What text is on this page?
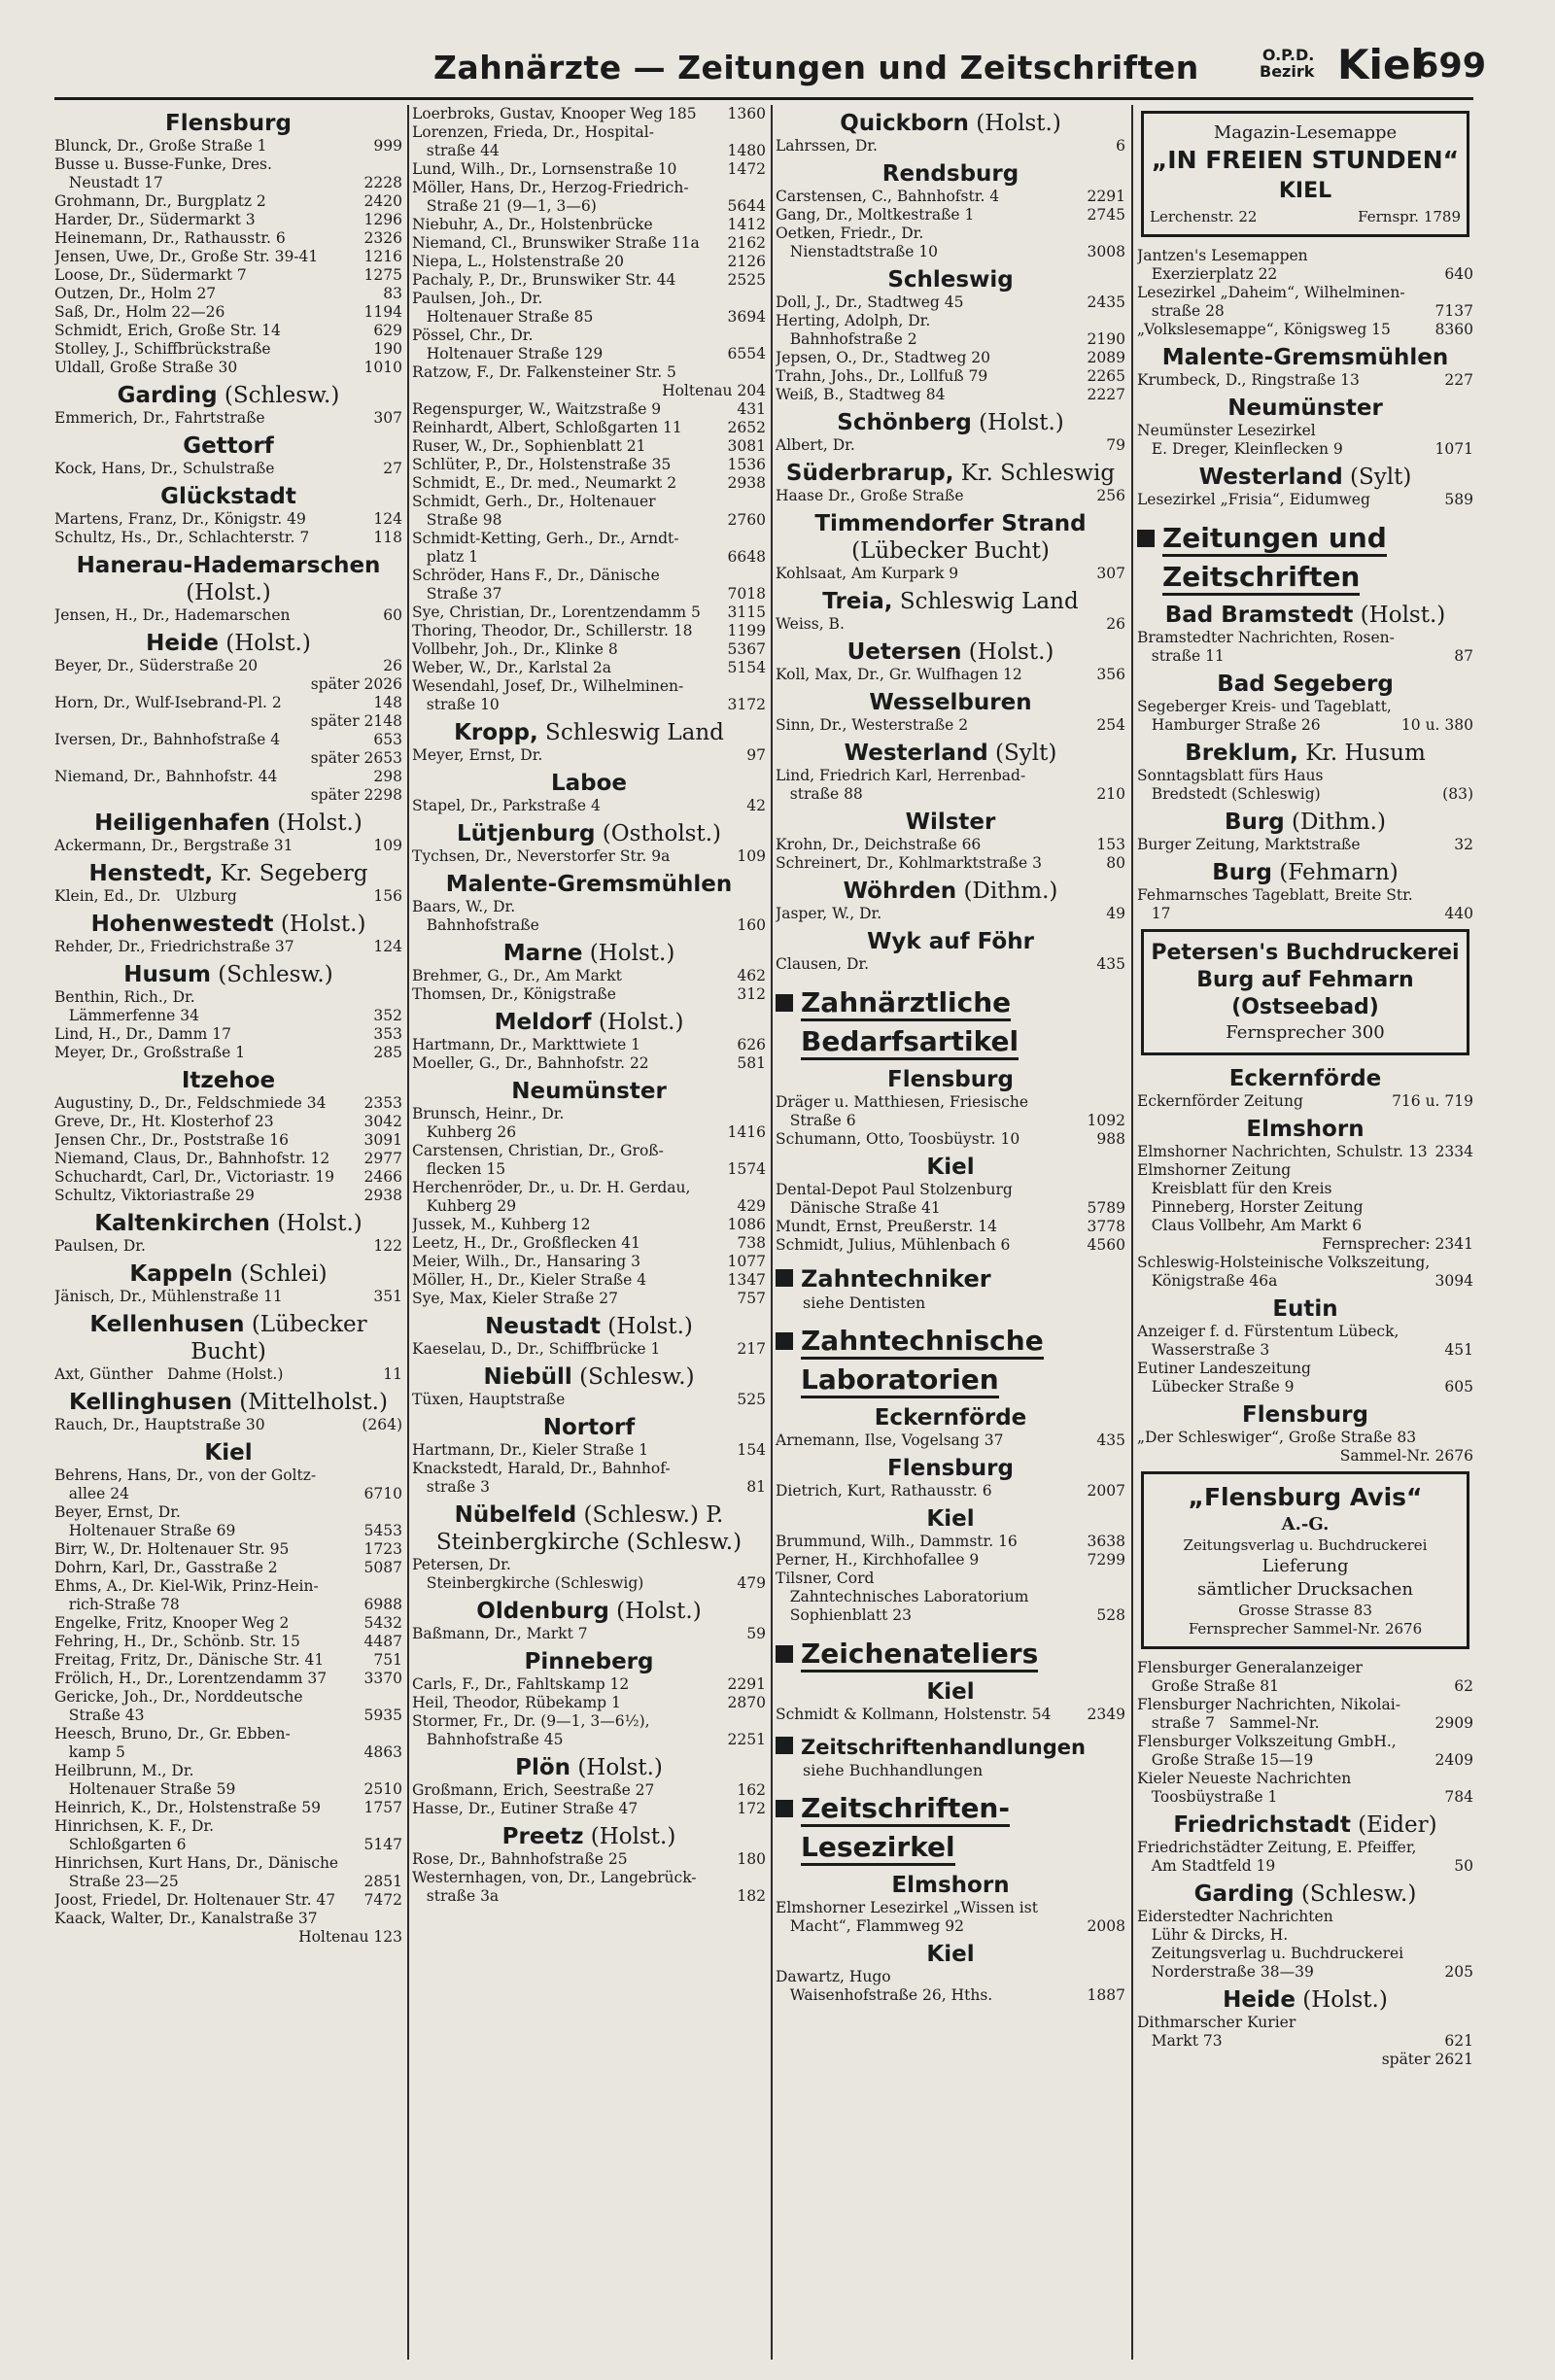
Zahnärzte — Zeitungen und Zeitschriften	O.P.D.
Bezirk Kiel
699
Flensburg
Blunck, Dr., Große Straße 1	999
Busse u. Busse-Funke, Dres.
Neustadt 17	2228
Grohmann, Dr., Burgplatz 2	2420
Harder, Dr., Südermarkt 3	1296
Heinemann, Dr., Rathausstr. 6	2326
Jensen, Uwe, Dr., Große Str. 39-41	1216
Loose, Dr., Südermarkt 7	1275
Outzen, Dr., Holm 27	83
Saß, Dr., Holm 22—26	1194
Schmidt, Erich, Große Str. 14	629
Stolley, J., Schiffbrückstraße	190
Uldall, Große Straße 30	1010
Garding (Schlesw.)
Emmerich, Dr., Fahrtstraße	307
Gettorf
Kock, Hans, Dr., Schulstraße	27
Glückstadt
Martens, Franz, Dr., Königstr. 49	124
Schultz, Hs., Dr., Schlachterstr. 7	118
Hanerau-Hademarschen (Holst.)
Jensen, H., Dr., Hademarschen	60
Heide (Holst.)
Beyer, Dr., Süderstraße 20	26
später 2026
Horn, Dr., Wulf-Isebrand-Pl. 2	148
später 2148
Iversen, Dr., Bahnhofstraße 4	653
später 2653
Niemand, Dr., Bahnhofstr. 44	298
später 2298
Heiligenhafen (Holst.)
Ackermann, Dr., Bergstraße 31	109
Henstedt, Kr. Segeberg
Klein, Ed., Dr.   Ulzburg	156
Hohenwestedt (Holst.)
Rehder, Dr., Friedrichstraße 37	124
Husum (Schlesw.)
Benthin, Rich., Dr.
Lämmerfenne 34	352
Lind, H., Dr., Damm 17	353
Meyer, Dr., Großstraße 1	285
Itzehoe
Augustiny, D., Dr., Feldschmiede 34	2353
Greve, Dr., Ht. Klosterhof 23	3042
Jensen Chr., Dr., Poststraße 16	3091
Niemand, Claus, Dr., Bahnhofstr. 12	2977
Schuchardt, Carl, Dr., Victoriastr. 19	2466
Schultz, Viktoriastraße 29	2938
Kaltenkirchen (Holst.)
Paulsen, Dr.	122
Kappeln (Schlei)
Jänisch, Dr., Mühlenstraße 11	351
Kellenhusen (Lübecker Bucht)
Axt, Günther   Dahme (Holst.)	11
Kellinghusen (Mittelholst.)
Rauch, Dr., Hauptstraße 30	(264)
Kiel
Behrens, Hans, Dr., von der Goltz-
allee 24	6710
Beyer, Ernst, Dr.
Holtenauer Straße 69	5453
Birr, W., Dr. Holtenauer Str. 95	1723
Dohrn, Karl, Dr., Gasstraße 2	5087
Ehms, A., Dr. Kiel-Wik, Prinz-Hein-
rich-Straße 78	6988
Engelke, Fritz, Knooper Weg 2	5432
Fehring, H., Dr., Schönb. Str. 15	4487
Freitag, Fritz, Dr., Dänische Str. 41	751
Frölich, H., Dr., Lorentzendamm 37	3370
Gericke, Joh., Dr., Norddeutsche
Straße 43	5935
Heesch, Bruno, Dr., Gr. Ebben-
kamp 5	4863
Heilbrunn, M., Dr.
Holtenauer Straße 59	2510
Heinrich, K., Dr., Holstenstraße 59	1757
Hinrichsen, K. F., Dr.
Schloßgarten 6	5147
Hinrichsen, Kurt Hans, Dr., Dänische
Straße 23—25	2851
Joost, Friedel, Dr. Holtenauer Str. 47	7472
Kaack, Walter, Dr., Kanalstraße 37
Holtenau 123
Loerbroks, Gustav, Knooper Weg 185	1360
Lorenzen, Frieda, Dr., Hospital-
straße 44	1480
Lund, Wilh., Dr., Lornsenstraße 10	1472
Möller, Hans, Dr., Herzog-Friedrich-
Straße 21 (9—1, 3—6)	5644
Niebuhr, A., Dr., Holstenbrücke	1412
Niemand, Cl., Brunswiker Straße 11a	2162
Niepa, L., Holstenstraße 20	2126
Pachaly, P., Dr., Brunswiker Str. 44	2525
Paulsen, Joh., Dr.
Holtenauer Straße 85	3694
Pössel, Chr., Dr.
Holtenauer Straße 129	6554
Ratzow, F., Dr. Falkensteiner Str. 5
Holtenau 204
Regenspurger, W., Waitzstraße 9	431
Reinhardt, Albert, Schloßgarten 11	2652
Ruser, W., Dr., Sophienblatt 21	3081
Schlüter, P., Dr., Holstenstraße 35	1536
Schmidt, E., Dr. med., Neumarkt 2	2938
Schmidt, Gerh., Dr., Holtenauer
Straße 98	2760
Schmidt-Ketting, Gerh., Dr., Arndt-
platz 1	6648
Schröder, Hans F., Dr., Dänische
Straße 37	7018
Sye, Christian, Dr., Lorentzendamm 5	3115
Thoring, Theodor, Dr., Schillerstr. 18	1199
Vollbehr, Joh., Dr., Klinke 8	5367
Weber, W., Dr., Karlstal 2a	5154
Wesendahl, Josef, Dr., Wilhelminen-
straße 10	3172
Kropp, Schleswig Land
Meyer, Ernst, Dr.	97
Laboe
Stapel, Dr., Parkstraße 4	42
Lütjenburg (Ostholst.)
Tychsen, Dr., Neverstorfer Str. 9a	109
Malente-Gremsmühlen
Baars, W., Dr.
Bahnhofstraße	160
Marne (Holst.)
Brehmer, G., Dr., Am Markt	462
Thomsen, Dr., Königstraße	312
Meldorf (Holst.)
Hartmann, Dr., Markttwiete 1	626
Moeller, G., Dr., Bahnhofstr. 22	581
Neumünster
Brunsch, Heinr., Dr.
Kuhberg 26	1416
Carstensen, Christian, Dr., Groß-
flecken 15	1574
Herchenröder, Dr., u. Dr. H. Gerdau,
Kuhberg 29	429
Jussek, M., Kuhberg 12	1086
Leetz, H., Dr., Großflecken 41	738
Meier, Wilh., Dr., Hansaring 3	1077
Möller, H., Dr., Kieler Straße 4	1347
Sye, Max, Kieler Straße 27	757
Neustadt (Holst.)
Kaeselau, D., Dr., Schiffbrücke 1	217
Niebüll (Schlesw.)
Tüxen, Hauptstraße	525
Nortorf
Hartmann, Dr., Kieler Straße 1	154
Knackstedt, Harald, Dr., Bahnhof-
straße 3	81
Nübelfeld (Schlesw.) P. Steinbergkirche (Schlesw.)
Petersen, Dr.
Steinbergkirche (Schleswig)	479
Oldenburg (Holst.)
Baßmann, Dr., Markt 7	59
Pinneberg
Carls, F., Dr., Fahltskamp 12	2291
Heil, Theodor, Rübekamp 1	2870
Stormer, Fr., Dr. (9—1, 3—6½),
Bahnhofstraße 45	2251
Plön (Holst.)
Großmann, Erich, Seestraße 27	162
Hasse, Dr., Eutiner Straße 47	172
Preetz (Holst.)
Rose, Dr., Bahnhofstraße 25	180
Westernhagen, von, Dr., Langebrück-
straße 3a	182
Quickborn (Holst.)
Lahrssen, Dr.	6
Rendsburg
Carstensen, C., Bahnhofstr. 4	2291
Gang, Dr., Moltkestraße 1	2745
Oetken, Friedr., Dr.
Nienstadtstraße 10	3008
Schleswig
Doll, J., Dr., Stadtweg 45	2435
Herting, Adolph, Dr.
Bahnhofstraße 2	2190
Jepsen, O., Dr., Stadtweg 20	2089
Trahn, Johs., Dr., Lollfuß 79	2265
Weiß, B., Stadtweg 84	2227
Schönberg (Holst.)
Albert, Dr.	79
Süderbrarup, Kr. Schleswig
Haase Dr., Große Straße	256
Timmendorfer Strand (Lübecker Bucht)
Kohlsaat, Am Kurpark 9	307
Treia, Schleswig Land
Weiss, B.	26
Uetersen (Holst.)
Koll, Max, Dr., Gr. Wulfhagen 12	356
Wesselburen
Sinn, Dr., Westerstraße 2	254
Westerland (Sylt)
Lind, Friedrich Karl, Herrenbad-
straße 88	210
Wilster
Krohn, Dr., Deichstraße 66	153
Schreinert, Dr., Kohlmarktstraße 3	80
Wöhrden (Dithm.)
Jasper, W., Dr.	49
Wyk auf Föhr
Clausen, Dr.	435
Zahnärztliche
Bedarfsartikel
Flensburg
Dräger u. Matthiesen, Friesische
Straße 6	1092
Schumann, Otto, Toosbüystr. 10	988
Kiel
Dental-Depot Paul Stolzenburg
Dänische Straße 41	5789
Mundt, Ernst, Preußerstr. 14	3778
Schmidt, Julius, Mühlenbach 6	4560
Zahntechniker
siehe Dentisten
Zahntechnische
Laboratorien
Eckernförde
Arnemann, Ilse, Vogelsang 37	435
Flensburg
Dietrich, Kurt, Rathausstr. 6	2007
Kiel
Brummund, Wilh., Dammstr. 16	3638
Perner, H., Kirchhofallee 9	7299
Tilsner, Cord
Zahntechnisches Laboratorium
Sophienblatt 23	528
Zeichenateliers
Kiel
Schmidt & Kollmann, Holstenstr. 54	2349
Zeitschriftenhandlungen
siehe Buchhandlungen
Zeitschriften-
Lesezirkel
Elmshorn
Elmshorner Lesezirkel „Wissen ist
Macht“, Flammweg 92	2008
Kiel
Dawartz, Hugo
Waisenhofstraße 26, Hths.	1887
Magazin-Lesemappe
„IN FREIEN STUNDEN“
KIEL
Lerchenstr. 22	Fernspr. 1789
Jantzen's Lesemappen
Exerzierplatz 22	640
Lesezirkel „Daheim“, Wilhelminen-
straße 28	7137
„Volkslesemappe“, Königsweg 15	8360
Malente-Gremsmühlen
Krumbeck, D., Ringstraße 13	227
Neumünster
Neumünster Lesezirkel
E. Dreger, Kleinflecken 9	1071
Westerland (Sylt)
Lesezirkel „Frisia“, Eidumweg	589
Zeitungen und
Zeitschriften
Bad Bramstedt (Holst.)
Bramstedter Nachrichten, Rosen-
straße 11	87
Bad Segeberg
Segeberger Kreis- und Tageblatt,
Hamburger Straße 26	10 u. 380
Breklum, Kr. Husum
Sonntagsblatt fürs Haus
Bredstedt (Schleswig)	(83)
Burg (Dithm.)
Burger Zeitung, Marktstraße	32
Burg (Fehmarn)
Fehmarnsches Tageblatt, Breite Str.
17	440
Petersen's Buchdruckerei
Burg auf Fehmarn
(Ostseebad)
Fernsprecher 300
Eckernförde
Eckernförder Zeitung	716 u. 719
Elmshorn
Elmshorner Nachrichten, Schulstr. 13 2334
Elmshorner Zeitung
Kreisblatt für den Kreis
Pinneberg, Horster Zeitung
Claus Vollbehr, Am Markt 6
Fernsprecher: 2341
Schleswig-Holsteinische Volkszeitung,
Königstraße 46a	3094
Eutin
Anzeiger f. d. Fürstentum Lübeck,
Wasserstraße 3	451
Eutiner Landeszeitung
Lübecker Straße 9	605
Flensburg
„Der Schleswiger“, Große Straße 83
Sammel-Nr. 2676
„Flensburg Avis“
A.-G.
Zeitungsverlag u. Buchdruckerei
Lieferung
sämtlicher Drucksachen
Grosse Strasse 83
Fernsprecher Sammel-Nr. 2676
Flensburger Generalanzeiger
Große Straße 81	62
Flensburger Nachrichten, Nikolai-
straße 7   Sammel-Nr.	2909
Flensburger Volkszeitung GmbH.,
Große Straße 15—19	2409
Kieler Neueste Nachrichten
Toosbüystraße 1	784
Friedrichstadt (Eider)
Friedrichstädter Zeitung, E. Pfeiffer,
Am Stadtfeld 19	50
Garding (Schlesw.)
Eiderstedter Nachrichten
Lühr & Dircks, H.
Zeitungsverlag u. Buchdruckerei
Norderstraße 38—39	205
Heide (Holst.)
Dithmarscher Kurier
Markt 73	621
später 2621
